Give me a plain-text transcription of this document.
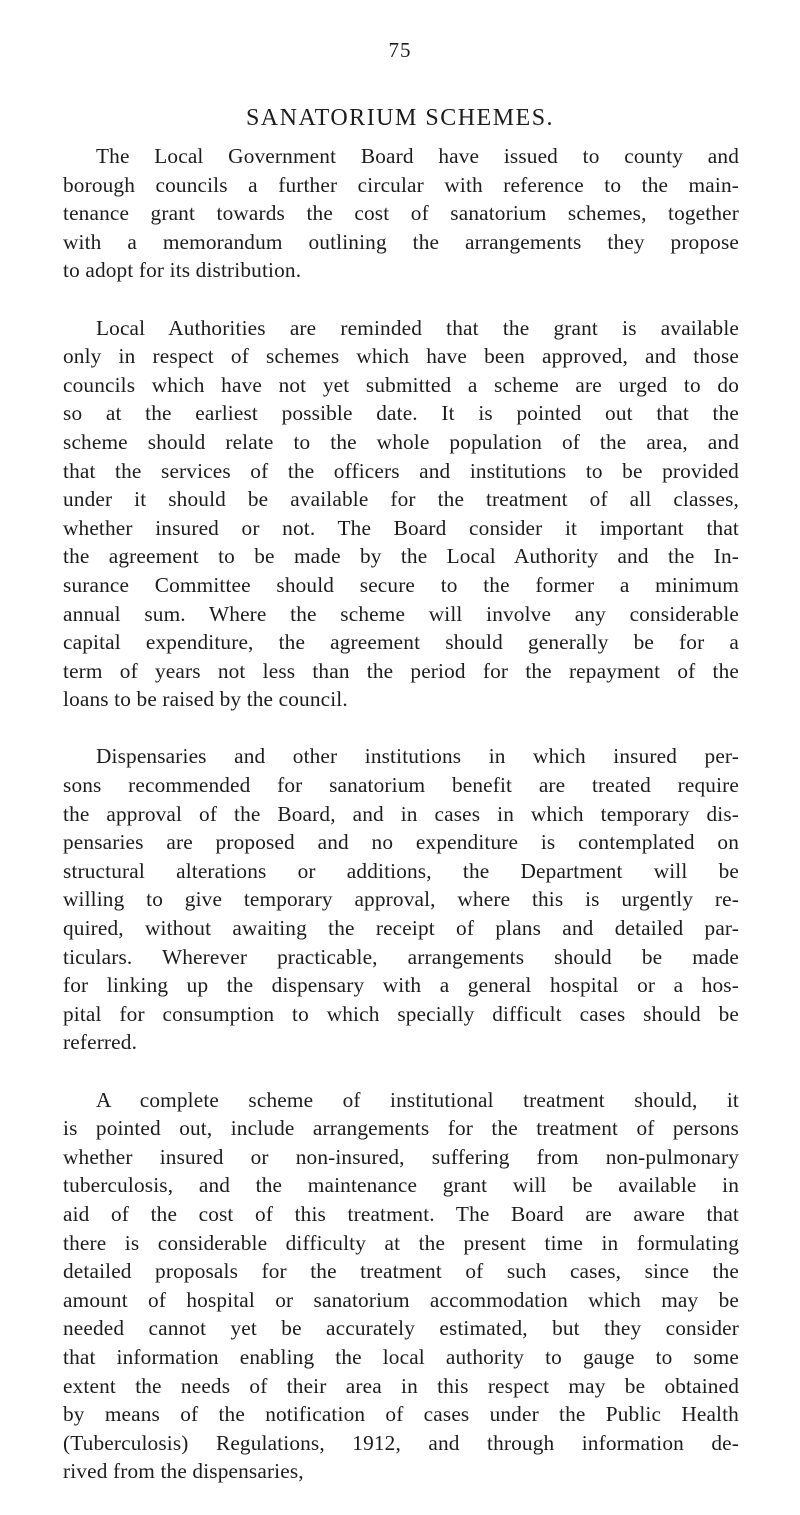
75
SANATORIUM SCHEMES.
The Local Government Board have issued to county and
borough councils a further circular with reference to the main-
tenance grant towards the cost of sanatorium schemes, together
with a memorandum outlining the arrangements they propose
to adopt for its distribution.
Local Authorities are reminded that the grant is available
only in respect of schemes which have been approved, and those
councils which have not yet submitted a scheme are urged to do
so at the earliest possible date. It is pointed out that the
scheme should relate to the whole population of the area, and
that the services of the officers and institutions to be provided
under it should be available for the treatment of all classes,
whether insured or not. The Board consider it important that
the agreement to be made by the Local Authority and the In-
surance Committee should secure to the former a minimum
annual sum. Where the scheme will involve any considerable
capital expenditure, the agreement should generally be for a
term of years not less than the period for the repayment of the
loans to be raised by the council.
Dispensaries and other institutions in which insured per-
sons recommended for sanatorium benefit are treated require
the approval of the Board, and in cases in which temporary dis-
pensaries are proposed and no expenditure is contemplated on
structural alterations or additions, the Department will be
willing to give temporary approval, where this is urgently re-
quired, without awaiting the receipt of plans and detailed par-
ticulars. Wherever practicable, arrangements should be made
for linking up the dispensary with a general hospital or a hos-
pital for consumption to which specially difficult cases should be
referred.
A complete scheme of institutional treatment should, it
is pointed out, include arrangements for the treatment of persons
whether insured or non-insured, suffering from non-pulmonary
tuberculosis, and the maintenance grant will be available in
aid of the cost of this treatment. The Board are aware that
there is considerable difficulty at the present time in formulating
detailed proposals for the treatment of such cases, since the
amount of hospital or sanatorium accommodation which may be
needed cannot yet be accurately estimated, but they consider
that information enabling the local authority to gauge to some
extent the needs of their area in this respect may be obtained
by means of the notification of cases under the Public Health
(Tuberculosis) Regulations, 1912, and through information de-
rived from the dispensaries,
